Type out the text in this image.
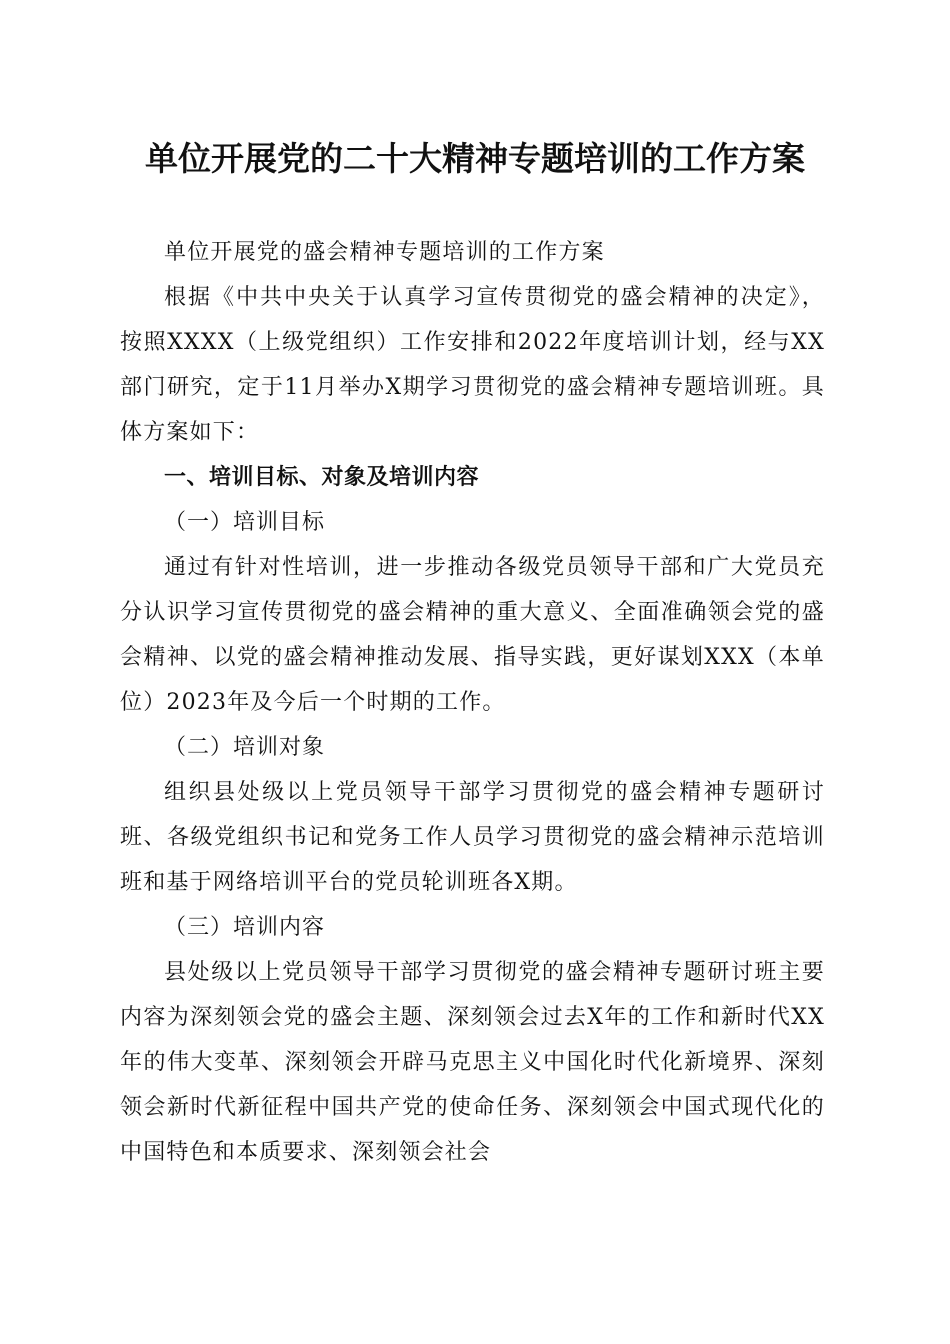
单位开展党的二十大精神专题培训的工作方案

单位开展党的盛会精神专题培训的工作方案

根据《中共中央关于认真学习宣传贯彻党的盛会精神的决定》，按照XXXX（上级党组织）工作安排和2022年度培训计划，经与XX部门研究，定于11月举办X期学习贯彻党的盛会精神专题培训班。具体方案如下：

一、培训目标、对象及培训内容

（一）培训目标

通过有针对性培训，进一步推动各级党员领导干部和广大党员充分认识学习宣传贯彻党的盛会精神的重大意义、全面准确领会党的盛会精神、以党的盛会精神推动发展、指导实践，更好谋划XXX（本单位）2023年及今后一个时期的工作。

（二）培训对象

组织县处级以上党员领导干部学习贯彻党的盛会精神专题研讨班、各级党组织书记和党务工作人员学习贯彻党的盛会精神示范培训班和基于网络培训平台的党员轮训班各X期。

（三）培训内容

县处级以上党员领导干部学习贯彻党的盛会精神专题研讨班主要内容为深刻领会党的盛会主题、深刻领会过去X年的工作和新时代XX年的伟大变革、深刻领会开辟马克思主义中国化时代化新境界、深刻领会新时代新征程中国共产党的使命任务、深刻领会中国式现代化的中国特色和本质要求、深刻领会社会
